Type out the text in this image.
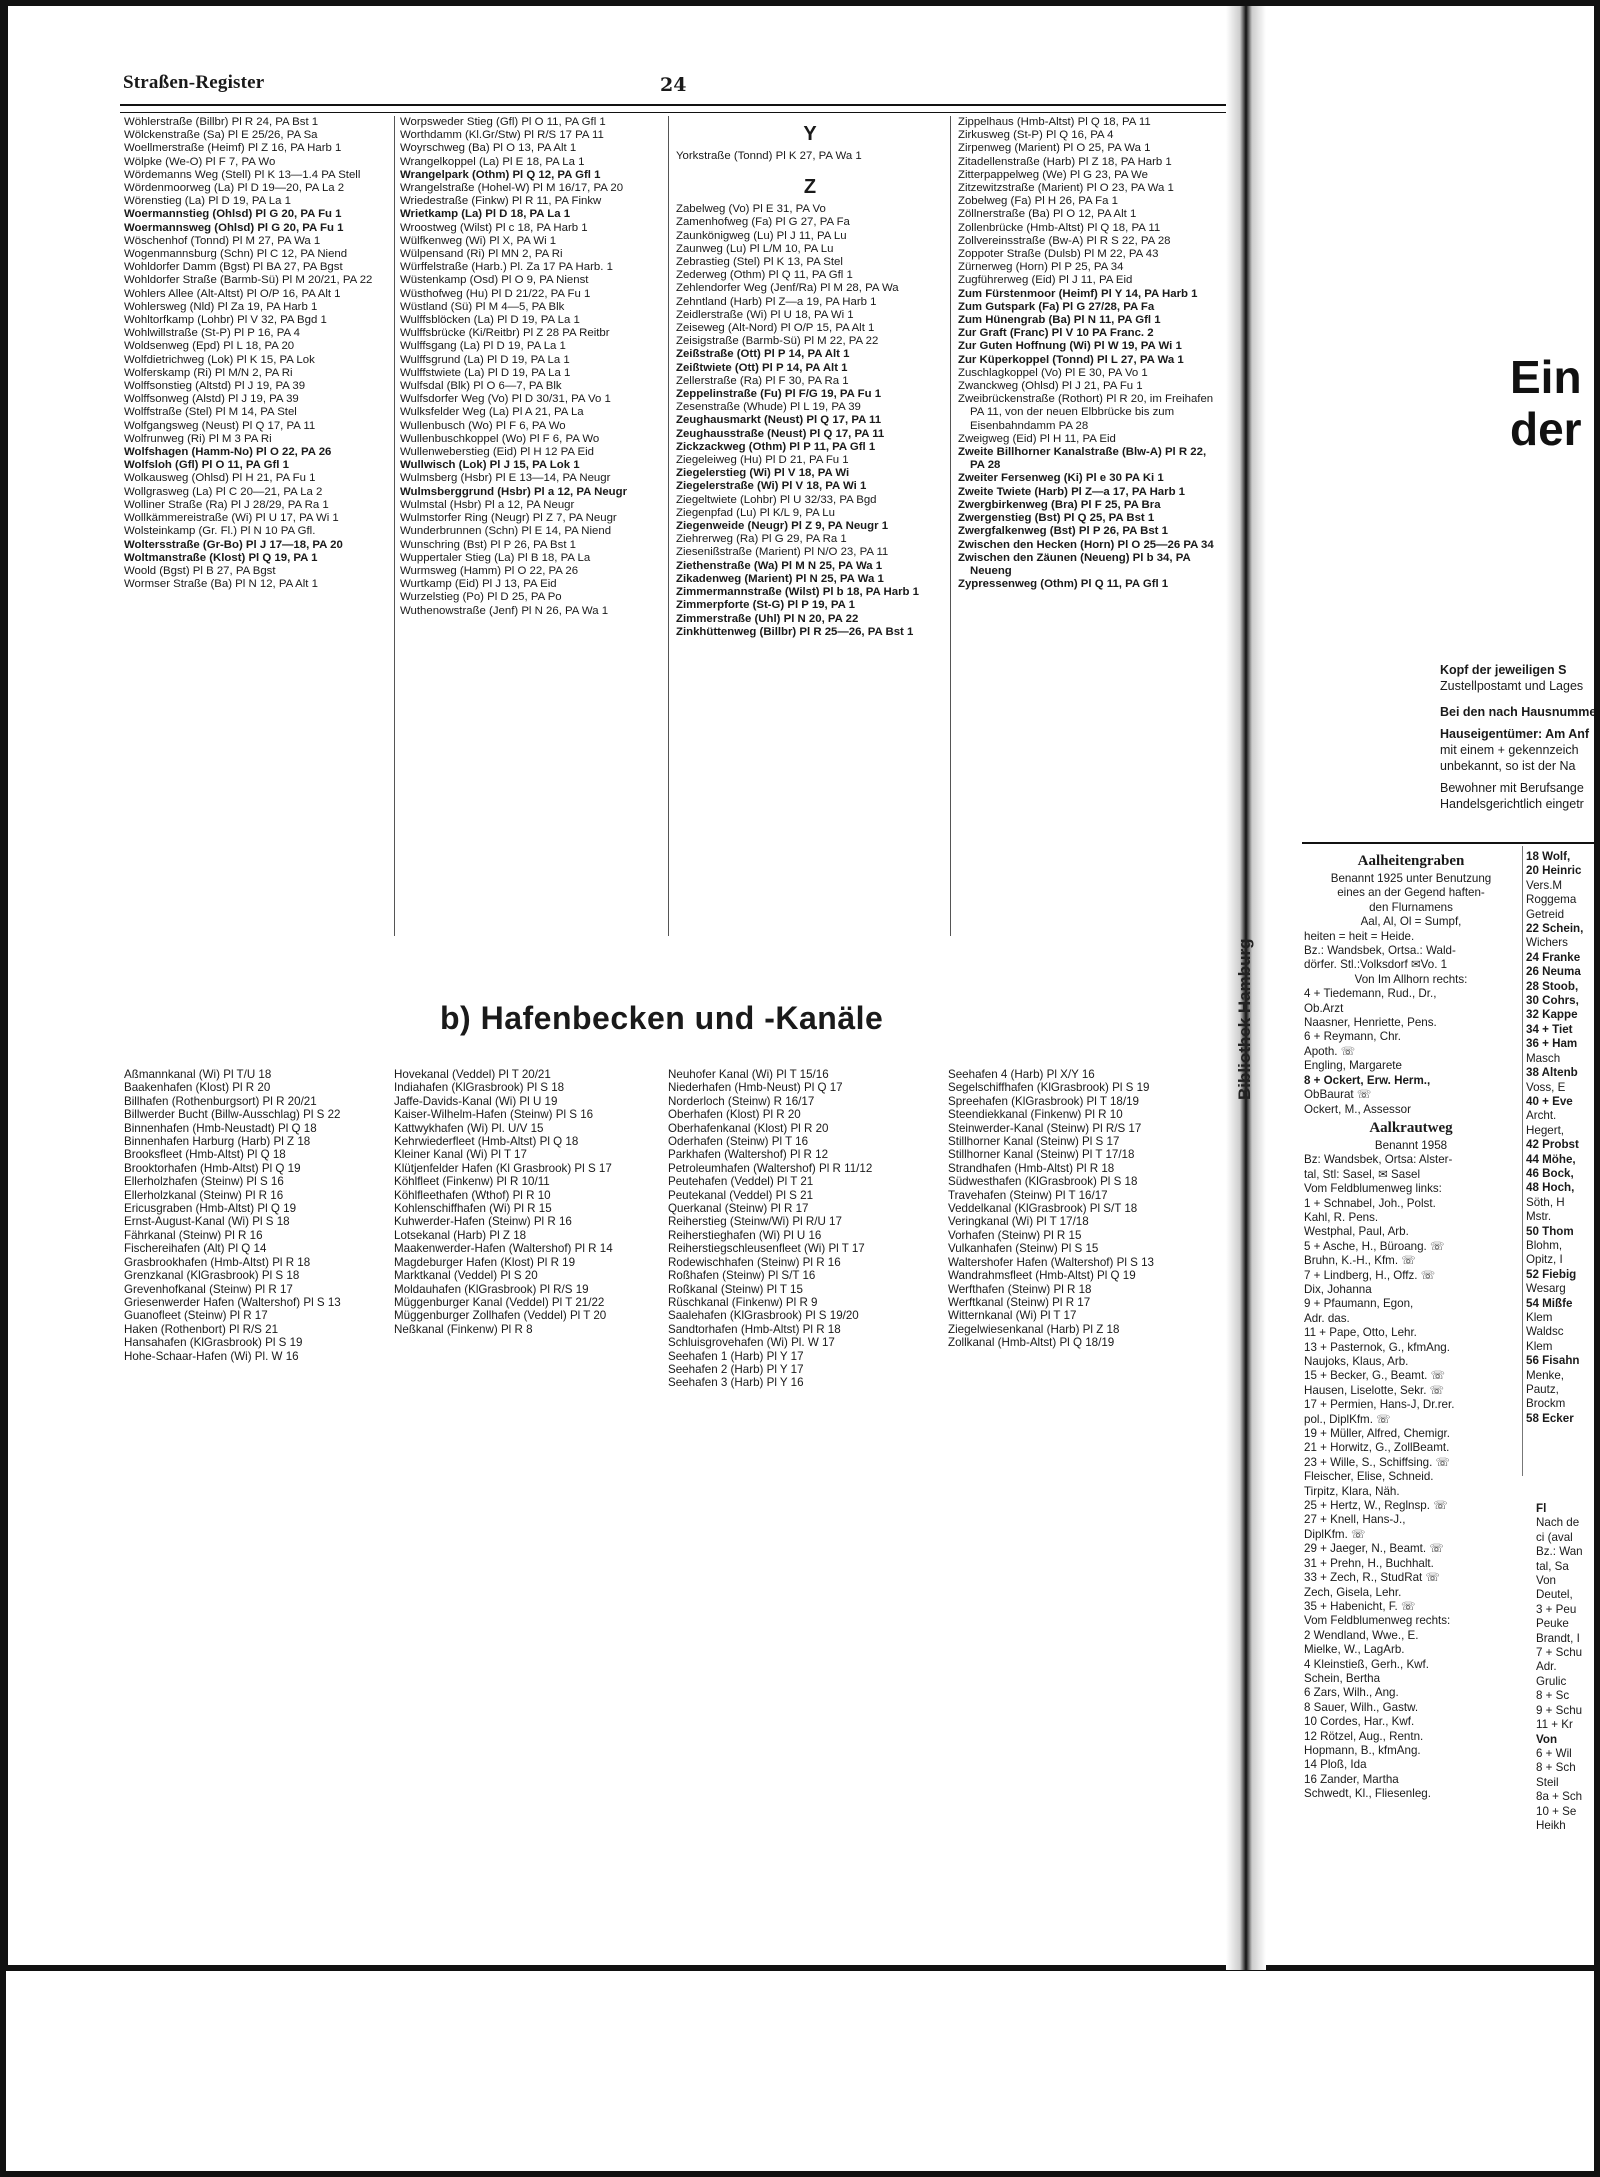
Straßen-Register	24
Wöhlerstraße (Billbr) Pl R 24, PA Bst 1
Wölckenstraße (Sa) Pl E 25/26, PA Sa
Woellmerstraße (Heimf) Pl Z 16, PA Harb 1
Wölpke (We-O) Pl F 7, PA Wo
Wördemanns Weg (Stell) Pl K 13—1.4 PA Stell
Wördenmoorweg (La) Pl D 19—20, PA La 2
Wörenstieg (La) Pl D 19, PA La 1
Woermannstieg (Ohlsd) Pl G 20, PA Fu 1
Woermannsweg (Ohlsd) Pl G 20, PA Fu 1
Wöschenhof (Tonnd) Pl M 27, PA Wa 1
Wogenmannsburg (Schn) Pl C 12, PA Niend
Wohldorfer Damm (Bgst) Pl BA 27, PA Bgst
Wohldorfer Straße (Barmb-Sü) Pl M 20/21, PA 22
Wohlers Allee (Alt-Altst) Pl O/P 16, PA Alt 1
Wohlersweg (Nld) Pl Za 19, PA Harb 1
Wohltorfkamp (Lohbr) Pl V 32, PA Bgd 1
Wohlwillstraße (St-P) Pl P 16, PA 4
Woldsenweg (Epd) Pl L 18, PA 20
Wolfdietrichweg (Lok) Pl K 15, PA Lok
Wolferskamp (Ri) Pl M/N 2, PA Ri
Wolffsonstieg (Altstd) Pl J 19, PA 39
Wolffsonweg (Alstd) Pl J 19, PA 39
Wolffstraße (Stel) Pl M 14, PA Stel
Wolfgangsweg (Neust) Pl Q 17, PA 11
Wolfrunweg (Ri) Pl M 3 PA Ri
Wolfshagen (Hamm-No) Pl O 22, PA 26
Wolfsloh (Gfl) Pl O 11, PA Gfl 1
Wolkausweg (Ohlsd) Pl H 21, PA Fu 1
Wollgrasweg (La) Pl C 20—21, PA La 2
Wolliner Straße (Ra) Pl J 28/29, PA Ra 1
Wollkämmereistraße (Wi) Pl U 17, PA Wi 1
Wolsteinkamp (Gr. Fl.) Pl N 10 PA Gfl.
Woltersstraße (Gr-Bo) Pl J 17—18, PA 20
Woltmanstraße (Klost) Pl Q 19, PA 1
Woold (Bgst) Pl B 27, PA Bgst
Wormser Straße (Ba) Pl N 12, PA Alt 1
Worpsweder Stieg (Gfl) Pl O 11, PA Gfl 1
Worthdamm (Kl.Gr/Stw) Pl R/S 17 PA 11
Woyrschweg (Ba) Pl O 13, PA Alt 1
Wrangelkoppel (La) Pl E 18, PA La 1
Wrangelpark (Othm) Pl Q 12, PA Gfl 1
Wrangelstraße (Hohel-W) Pl M 16/17, PA 20
Wriedestraße (Finkw) Pl R 11, PA Finkw
Wrietkamp (La) Pl D 18, PA La 1
Wroostweg (Wilst) Pl c 18, PA Harb 1
Wülfkenweg (Wi) Pl X, PA Wi 1
Wülpensand (Ri) Pl MN 2, PA Ri
Würffelstraße (Harb.) Pl. Za 17 PA Harb. 1
Wüstenkamp (Osd) Pl O 9, PA Nienst
Wüsthofweg (Hu) Pl D 21/22, PA Fu 1
Wüstland (Sü) Pl M 4—5, PA Blk
Wulffsblöcken (La) Pl D 19, PA La 1
Wulffsbrücke (Ki/Reitbr) Pl Z 28 PA Reitbr
Wulffsgang (La) Pl D 19, PA La 1
Wulffsgrund (La) Pl D 19, PA La 1
Wulffstwiete (La) Pl D 19, PA La 1
Wulfsdal (Blk) Pl O 6—7, PA Blk
Wulfsdorfer Weg (Vo) Pl D 30/31, PA Vo 1
Wulksfelder Weg (La) Pl A 21, PA La
Wullenbusch (Wo) Pl F 6, PA Wo
Wullenbuschkoppel (Wo) Pl F 6, PA Wo
Wullenweberstieg (Eid) Pl H 12 PA Eid
Wullwisch (Lok) Pl J 15, PA Lok 1
Wulmsberg (Hsbr) Pl E 13—14, PA Neugr
Wulmsberggrund (Hsbr) Pl a 12, PA Neugr
Wulmstal (Hsbr) Pl a 12, PA Neugr
Wulmstorfer Ring (Neugr) Pl Z 7, PA Neugr
Wunderbrunnen (Schn) Pl E 14, PA Niend
Wunschring (Bst) Pl P 26, PA Bst 1
Wuppertaler Stieg (La) Pl B 18, PA La
Wurmsweg (Hamm) Pl O 22, PA 26
Wurtkamp (Eid) Pl J 13, PA Eid
Wurzelstieg (Po) Pl D 25, PA Po
Wuthenowstraße (Jenf) Pl N 26, PA Wa 1
Y
Yorkstraße (Tonnd) Pl K 27, PA Wa 1
Z
Zabelweg (Vo) Pl E 31, PA Vo
Zamenhofweg (Fa) Pl G 27, PA Fa
Zaunkönigweg (Lu) Pl J 11, PA Lu
Zaunweg (Lu) Pl L/M 10, PA Lu
Zebrastieg (Stel) Pl K 13, PA Stel
Zederweg (Othm) Pl Q 11, PA Gfl 1
Zehlendorfer Weg (Jenf/Ra) Pl M 28, PA Wa
Zehntland (Harb) Pl Z—a 19, PA Harb 1
Zeidlerstraße (Wi) Pl U 18, PA Wi 1
Zeiseweg (Alt-Nord) Pl O/P 15, PA Alt 1
Zeisigstraße (Barmb-Sü) Pl M 22, PA 22
Zeißstraße (Ott) Pl P 14, PA Alt 1
Zeißtwiete (Ott) Pl P 14, PA Alt 1
Zellerstraße (Ra) Pl F 30, PA Ra 1
Zeppelinstraße (Fu) Pl F/G 19, PA Fu 1
Zesenstraße (Whude) Pl L 19, PA 39
Zeughausmarkt (Neust) Pl Q 17, PA 11
Zeughausstraße (Neust) Pl Q 17, PA 11
Zickzackweg (Othm) Pl P 11, PA Gfl 1
Ziegeleiweg (Hu) Pl D 21, PA Fu 1
Ziegelerstieg (Wi) Pl V 18, PA Wi
Ziegelerstraße (Wi) Pl V 18, PA Wi 1
Ziegeltwiete (Lohbr) Pl U 32/33, PA Bgd
Ziegenpfad (Lu) Pl K/L 9, PA Lu
Ziegenweide (Neugr) Pl Z 9, PA Neugr 1
Ziehrerweg (Ra) Pl G 29, PA Ra 1
Ziesenißstraße (Marient) Pl N/O 23, PA 11
Ziethenstraße (Wa) Pl M N 25, PA Wa 1
Zikadenweg (Marient) Pl N 25, PA Wa 1
Zimmermannstraße (Wilst) Pl b 18, PA Harb 1
Zimmerpforte (St-G) Pl P 19, PA 1
Zimmerstraße (Uhl) Pl N 20, PA 22
Zinkhüttenweg (Billbr) Pl R 25—26, PA Bst 1
Zippelhaus (Hmb-Altst) Pl Q 18, PA 11
Zirkusweg (St-P) Pl Q 16, PA 4
Zirpenweg (Marient) Pl O 25, PA Wa 1
Zitadellenstraße (Harb) Pl Z 18, PA Harb 1
Zitterpappelweg (We) Pl G 23, PA We
Zitzewitzstraße (Marient) Pl O 23, PA Wa 1
Zobelweg (Fa) Pl H 26, PA Fa 1
Zöllnerstraße (Ba) Pl O 12, PA Alt 1
Zollenbrücke (Hmb-Altst) Pl Q 18, PA 11
Zollvereinsstraße (Bw-A) Pl R S 22, PA 28
Zoppoter Straße (Dulsb) Pl M 22, PA 43
Zürnerweg (Horn) Pl P 25, PA 34
Zugführerweg (Eid) Pl J 11, PA Eid
Zum Fürstenmoor (Heimf) Pl Y 14, PA Harb 1
Zum Gutspark (Fa) Pl G 27/28, PA Fa
Zum Hünengrab (Ba) Pl N 11, PA Gfl 1
Zur Graft (Franc) Pl V 10 PA Franc. 2
Zur Guten Hoffnung (Wi) Pl W 19, PA Wi 1
Zur Küperkoppel (Tonnd) Pl L 27, PA Wa 1
Zuschlagkoppel (Vo) Pl E 30, PA Vo 1
Zwanckweg (Ohlsd) Pl J 21, PA Fu 1
Zweibrückenstraße (Rothort) Pl R 20, im Freihafen PA 11, von der neuen Elbbrücke bis zum Eisenbahndamm PA 28
Zweigweg (Eid) Pl H 11, PA Eid
Zweite Billhorner Kanalstraße (Blw-A) Pl R 22, PA 28
Zweiter Fersenweg (Ki) Pl e 30 PA Ki 1
Zweite Twiete (Harb) Pl Z—a 17, PA Harb 1
Zwergbirkenweg (Bra) Pl F 25, PA Bra
Zwergenstieg (Bst) Pl Q 25, PA Bst 1
Zwergfalkenweg (Bst) Pl P 26, PA Bst 1
Zwischen den Hecken (Horn) Pl O 25—26 PA 34
Zwischen den Zäunen (Neueng) Pl b 34, PA Neueng
Zypressenweg (Othm) Pl Q 11, PA Gfl 1
b) Hafenbecken und -Kanäle
Aßmannkanal (Wi) Pl T/U 18
Baakenhafen (Klost) Pl R 20
Billhafen (Rothenburgsort) Pl R 20/21
Billwerder Bucht (Billw-Ausschlag) Pl S 22
Binnenhafen (Hmb-Neustadt) Pl Q 18
Binnenhafen Harburg (Harb) Pl Z 18
Brooksfleet (Hmb-Altst) Pl Q 18
Brooktorhafen (Hmb-Altst) Pl Q 19
Ellerholzhafen (Steinw) Pl S 16
Ellerholzkanal (Steinw) Pl R 16
Ericusgraben (Hmb-Altst) Pl Q 19
Ernst-August-Kanal (Wi) Pl S 18
Fährkanal (Steinw) Pl R 16
Fischereihafen (Alt) Pl Q 14
Grasbrookhafen (Hmb-Altst) Pl R 18
Grenzkanal (KlGrasbrook) Pl S 18
Grevenhofkanal (Steinw) Pl R 17
Griesenwerder Hafen (Waltershof) Pl S 13
Guanofleet (Steinw) Pl R 17
Haken (Rothenbort) Pl R/S 21
Hansahafen (KlGrasbrook) Pl S 19
Hohe-Schaar-Hafen (Wi) Pl. W 16
Hovekanal (Veddel) Pl T 20/21
Indiahafen (KlGrasbrook) Pl S 18
Jaffe-Davids-Kanal (Wi) Pl U 19
Kaiser-Wilhelm-Hafen (Steinw) Pl S 16
Kattwykhafen (Wi) Pl. U/V 15
Kehrwiederfleet (Hmb-Altst) Pl Q 18
Kleiner Kanal (Wi) Pl T 17
Klütjenfelder Hafen (Kl Grasbrook) Pl S 17
Köhlfleet (Finkenw) Pl R 10/11
Köhlfleethafen (Wthof) Pl R 10
Kohlenschiffhafen (Wi) Pl R 15
Kuhwerder-Hafen (Steinw) Pl R 16
Lotsekanal (Harb) Pl Z 18
Maakenwerder-Hafen (Waltershof) Pl R 14
Magdeburger Hafen (Klost) Pl R 19
Marktkanal (Veddel) Pl S 20
Moldauhafen (KlGrasbrook) Pl R/S 19
Müggenburger Kanal (Veddel) Pl T 21/22
Müggenburger Zollhafen (Veddel) Pl T 20
Neßkanal (Finkenw) Pl R 8
Neuhofer Kanal (Wi) Pl T 15/16
Niederhafen (Hmb-Neust) Pl Q 17
Norderloch (Steinw) R 16/17
Oberhafen (Klost) Pl R 20
Oberhafenkanal (Klost) Pl R 20
Oderhafen (Steinw) Pl T 16
Parkhafen (Waltershof) Pl R 12
Petroleumhafen (Waltershof) Pl R 11/12
Peutehafen (Veddel) Pl T 21
Peutekanal (Veddel) Pl S 21
Querkanal (Steinw) Pl R 17
Reiherstieg (Steinw/Wi) Pl R/U 17
Reiherstieghafen (Wi) Pl U 16
Reiherstiegschleusenfleet (Wi) Pl T 17
Rodewischhafen (Steinw) Pl R 16
Roßhafen (Steinw) Pl S/T 16
Roßkanal (Steinw) Pl T 15
Rüschkanal (Finkenw) Pl R 9
Saalehafen (KlGrasbrook) Pl S 19/20
Sandtorhafen (Hmb-Altst) Pl R 18
Schluisgrovehafen (Wi) Pl. W 17
Seehafen 1 (Harb) Pl Y 17
Seehafen 2 (Harb) Pl Y 17
Seehafen 3 (Harb) Pl Y 16
Seehafen 4 (Harb) Pl X/Y 16
Segelschiffhafen (KlGrasbrook) Pl S 19
Spreehafen (KlGrasbrook) Pl T 18/19
Steendiekkanal (Finkenw) Pl R 10
Steinwerder-Kanal (Steinw) Pl R/S 17
Stillhorner Kanal (Steinw) Pl S 17
Stillhorner Kanal (Steinw) Pl T 17/18
Strandhafen (Hmb-Altst) Pl R 18
Südwesthafen (KlGrasbrook) Pl S 18
Travehafen (Steinw) Pl T 16/17
Veddelkanal (KlGrasbrook) Pl S/T 18
Veringkanal (Wi) Pl T 17/18
Vorhafen (Steinw) Pl R 15
Vulkanhafen (Steinw) Pl S 15
Waltershofer Hafen (Waltershof) Pl S 13
Wandrahmsfleet (Hmb-Altst) Pl Q 19
Werfthafen (Steinw) Pl R 18
Werftkanal (Steinw) Pl R 17
Witternkanal (Wi) Pl T 17
Ziegelwiesenkanal (Harb) Pl Z 18
Zollkanal (Hmb-Altst) Pl Q 18/19
Bibliothek Hamburg
Ein
der
Kopf der jeweiligen S
Zustellpostamt und Lages
Bei den nach Hausnumme
Hauseigentümer: Am Anf
mit einem + gekennzeich
unbekannt, so ist der Na
Bewohner mit Berufsange
Handelsgerichtlich eingetr
Aalheitengraben
Benannt 1925 unter Benutzung
eines an der Gegend haften-
den Flurnamens
Aal, Al, Ol = Sumpf,
heiten = heit = Heide.
Bz.: Wandsbek, Ortsa.: Wald-
dörfer. Stl.:Volksdorf ✉Vo. 1
Von Im Allhorn rechts:
4 + Tiedemann, Rud., Dr.,
Ob.Arzt
Naasner, Henriette, Pens.
6 + Reymann, Chr.
Apoth. ☏
Engling, Margarete
8 + Ockert, Erw. Herm.,
ObBaurat ☏
Ockert, M., Assessor
Aalkrautweg
Benannt 1958
Bz: Wandsbek, Ortsa: Alster-
tal, Stl: Sasel, ✉ Sasel
Vom Feldblumenweg links:
1 + Schnabel, Joh., Polst.
Kahl, R. Pens.
Westphal, Paul, Arb.
5 + Asche, H., Büroang. ☏
Bruhn, K.-H., Kfm. ☏
7 + Lindberg, H., Offz. ☏
Dix, Johanna
9 + Pfaumann, Egon,
Adr. das.
11 + Pape, Otto, Lehr.
13 + Pasternok, G., kfmAng.
Naujoks, Klaus, Arb.
15 + Becker, G., Beamt. ☏
Hausen, Liselotte, Sekr. ☏
17 + Permien, Hans-J, Dr.rer.
pol., DiplKfm. ☏
19 + Müller, Alfred, Chemigr.
21 + Horwitz, G., ZollBeamt.
23 + Wille, S., Schiffsing. ☏
Fleischer, Elise, Schneid.
Tirpitz, Klara, Näh.
25 + Hertz, W., Reglnsp. ☏
27 + Knell, Hans-J.,
DiplKfm. ☏
29 + Jaeger, N., Beamt. ☏
31 + Prehn, H., Buchhalt.
33 + Zech, R., StudRat ☏
Zech, Gisela, Lehr.
35 + Habenicht, F. ☏
Vom Feldblumenweg rechts:
2 Wendland, Wwe., E.
Mielke, W., LagArb.
4 Kleinstieß, Gerh., Kwf.
Schein, Bertha
6 Zars, Wilh., Ang.
8 Sauer, Wilh., Gastw.
10 Cordes, Har., Kwf.
12 Rötzel, Aug., Rentn.
Hopmann, B., kfmAng.
14 Ploß, Ida
16 Zander, Martha
Schwedt, Kl., Fliesenleg.
18 Wolf,
20 Heinric
Vers.M
Roggema
Getreid
22 Schein,
Wichers
24 Franke
26 Neuma
28 Stoob,
30 Cohrs,
32 Kappe
34 + Tiet
36 + Ham
Masch
38 Altenb
Voss, E
40 + Eve
Archt.
Hegert,
42 Probst
44 Möhe,
46 Bock,
48 Hoch,
Söth, H
Mstr.
50 Thom
Blohm,
Opitz, I
52 Fiebig
Wesarg
54 Mißfe
Klem
Waldsc
Klem
56 Fisahn
Menke,
Pautz,
Brockm
58 Ecker
Fl
Nach de
ci (aval
Bz.: Wan
tal, Sa
Von
Deutel,
3 + Peu
Peuke
Brandt, I
7 + Schu
Adr.
Grulic
8 + Sc
9 + Schu
11 + Kr
Von
6 + Wil
8 + Sch
Steil
8a + Sch
10 + Se
Heikh
